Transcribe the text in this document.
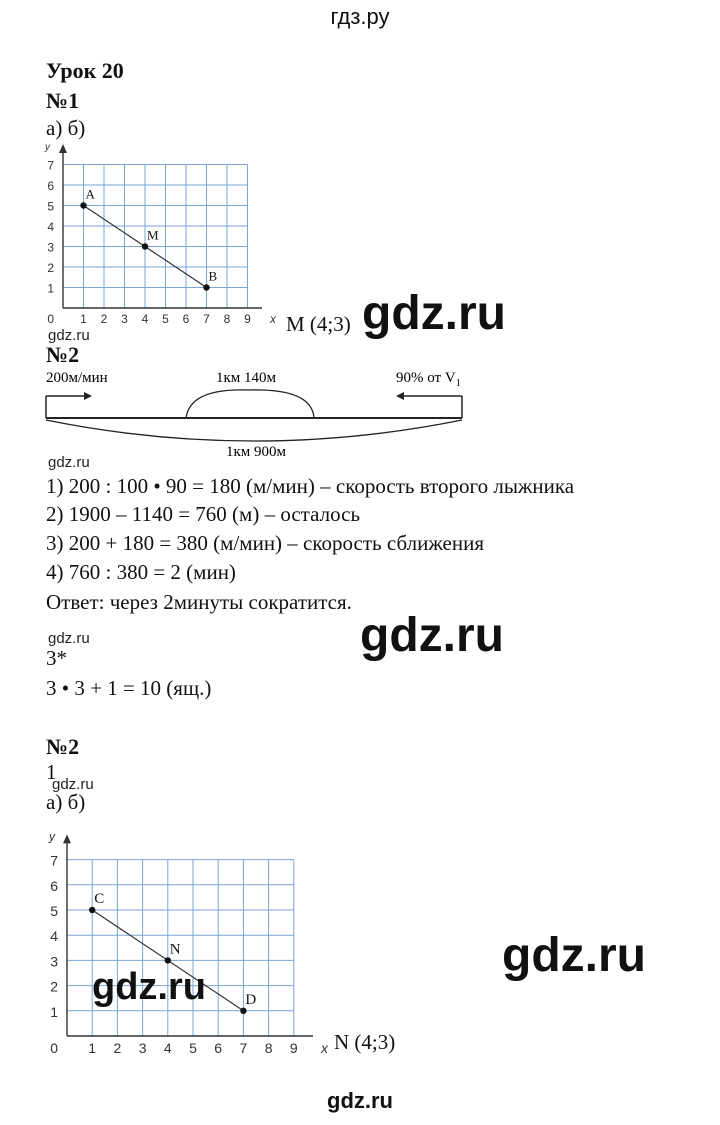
гдз.ру
Урок 20
№1
а) б)
1 2 3 4 5 6 7 8 9
1
2
3
4
5
6
7
0	x
y
A
M
B
M (4;3) gdz.ru
gdz.ru
№2
200м/мин	1км 140м	90% от $V_1$
1км 900м
gdz.ru
1) 200 : 100 • 90 = 180 (м/мин) – скорость второго лыжника
2) 1900 – 1140 = 760 (м) – осталось
3) 200 + 180 = 380 (м/мин) – скорость сближения
4) 760 : 380 = 2 (мин)
Ответ: через 2минуты сократится.
gdz.ru
gdz.ru
3*
3 • 3 + 1 = 10 (ящ.)
№2
1
gdz.ru
а) б)
1 2 3 4 5 6 7 8 9
1
2
3
4
5
6
7
0	x
y
C
N
D
gdz.ru
N (4;3)
gdz.ru
gdz.ru
